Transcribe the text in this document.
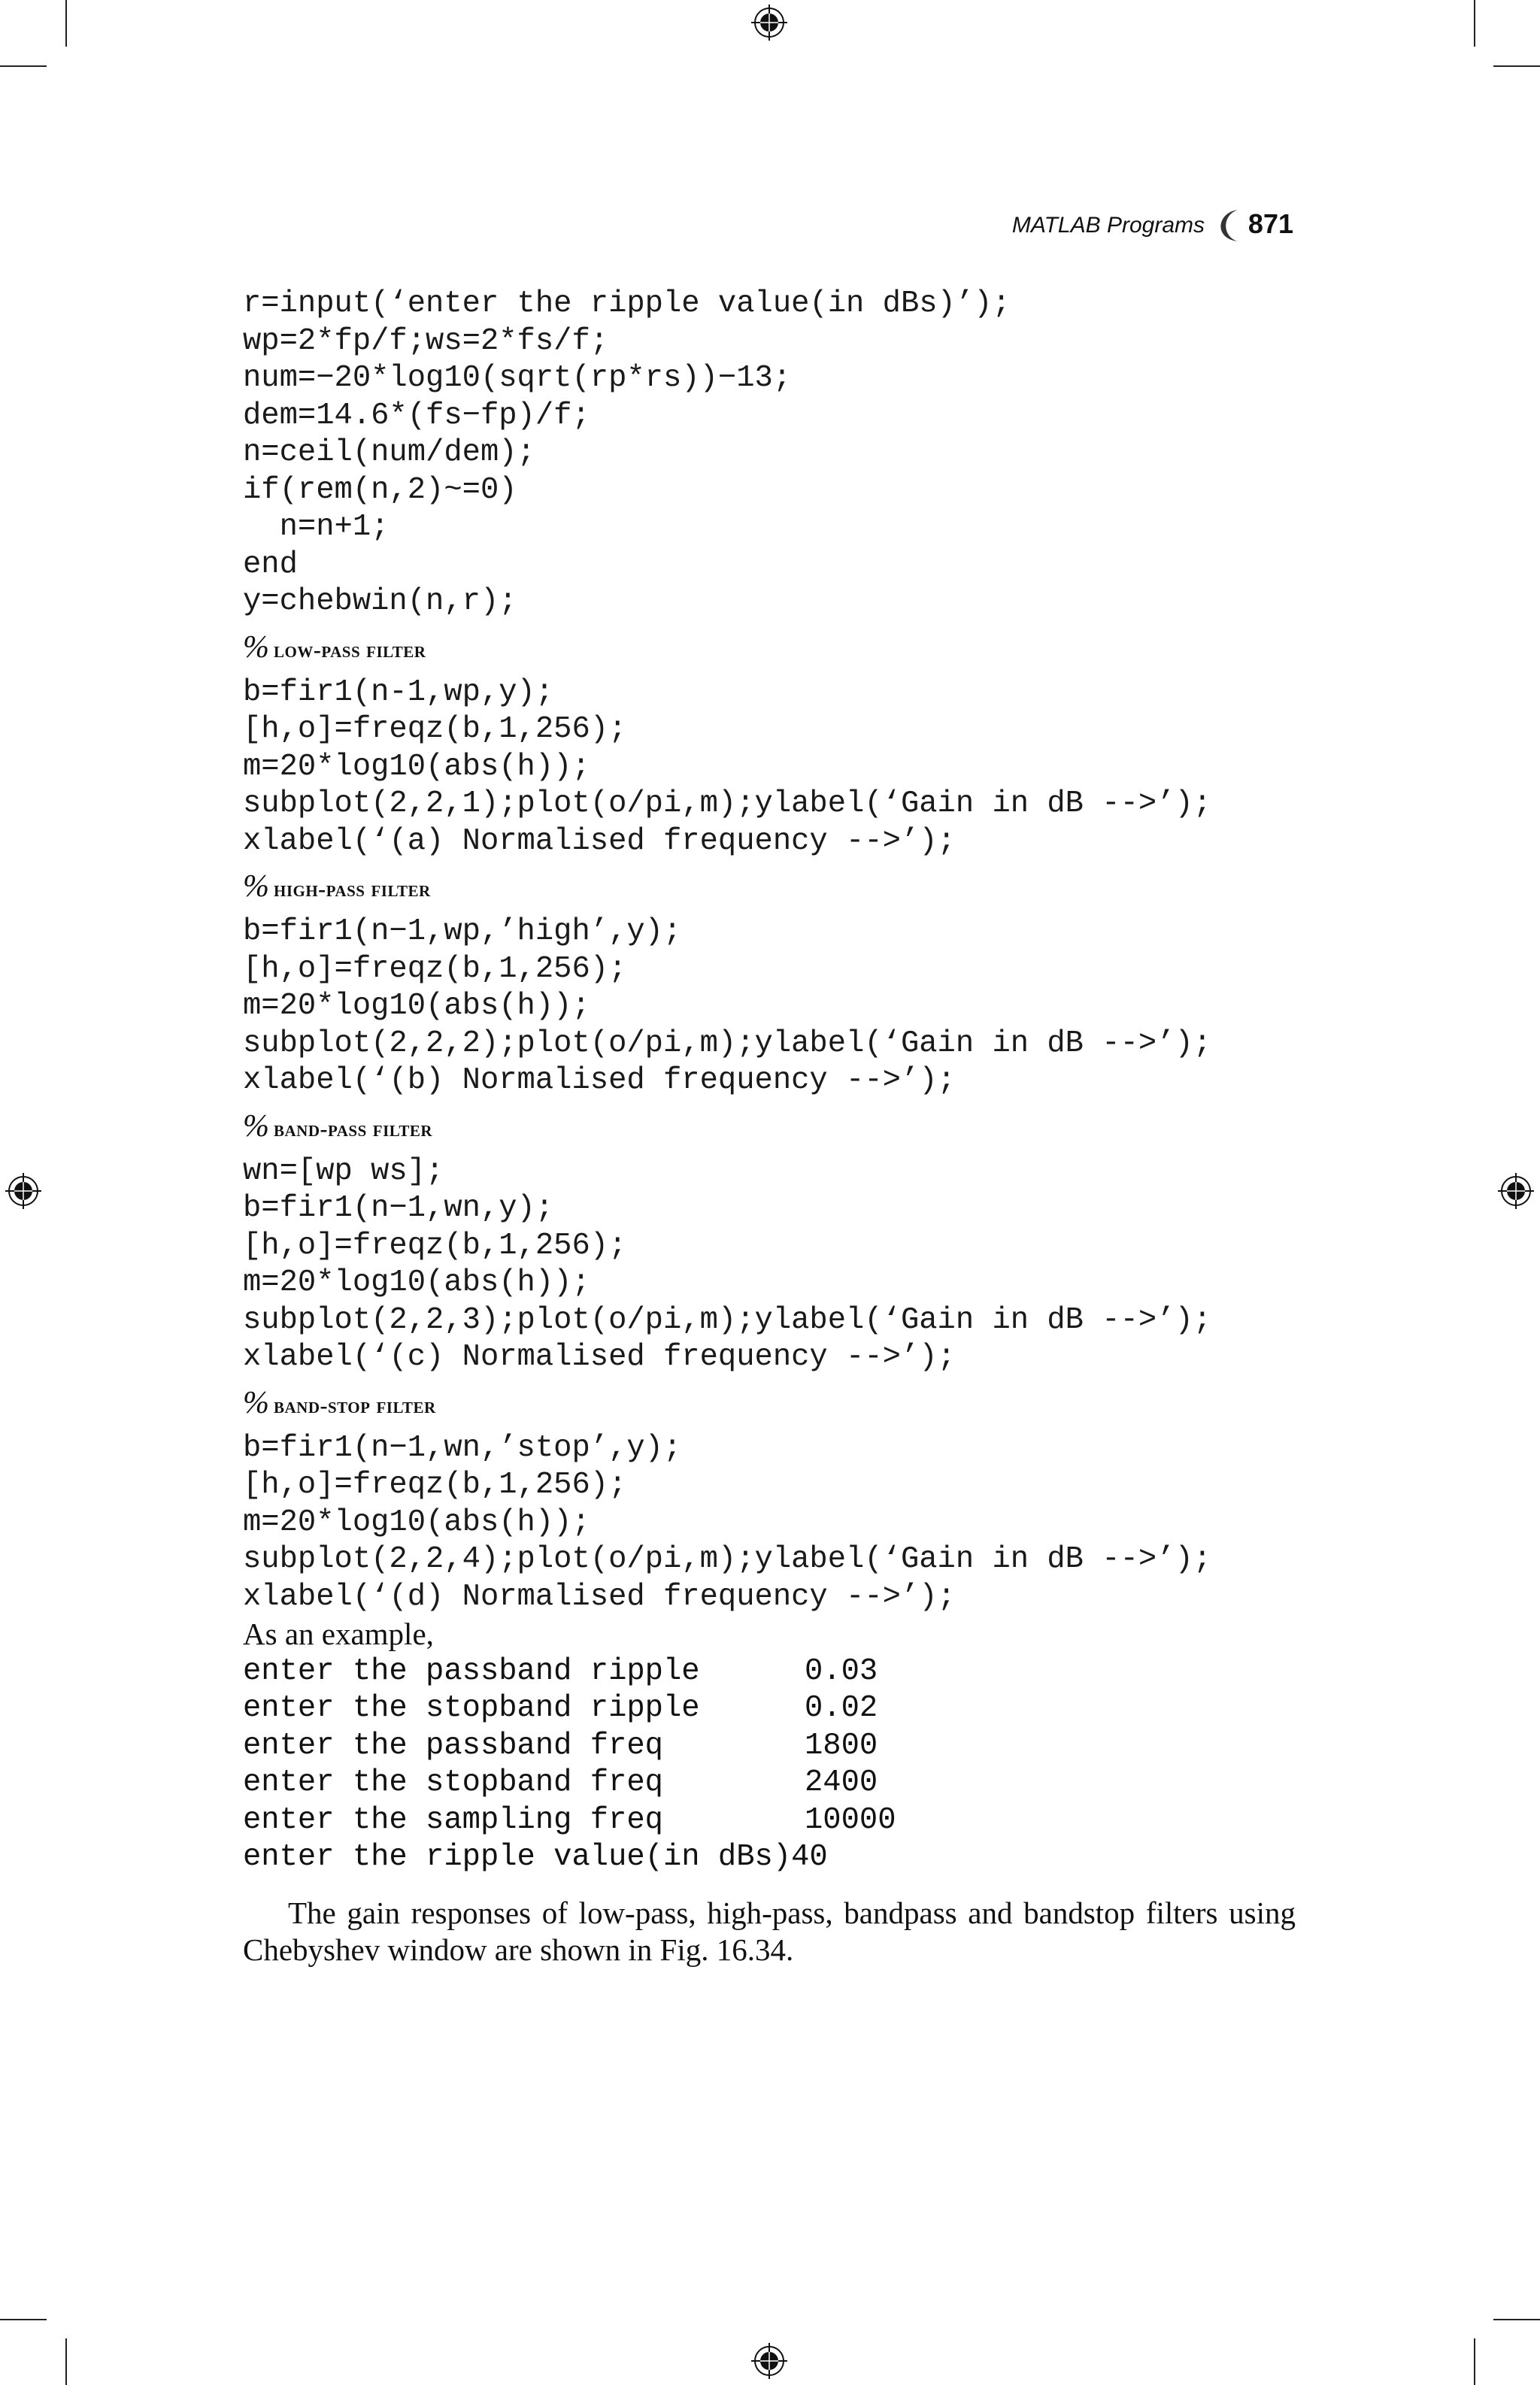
MATLAB Programs 871
r=input(‘enter the ripple value(in dBs)’);
wp=2*fp/f;ws=2*fs/f;
num=−20*log10(sqrt(rp*rs))−13;
dem=14.6*(fs−fp)/f;
n=ceil(num/dem);
if(rem(n,2)~=0)
n=n+1;
end
y=chebwin(n,r);
% low-pass filter
b=fir1(n-1,wp,y);
[h,o]=freqz(b,1,256);
m=20*log10(abs(h));
subplot(2,2,1);plot(o/pi,m);ylabel(‘Gain in dB -->’);
xlabel(‘(a) Normalised frequency -->’);
% high-pass filter
b=fir1(n−1,wp,’high’,y);
[h,o]=freqz(b,1,256);
m=20*log10(abs(h));
subplot(2,2,2);plot(o/pi,m);ylabel(‘Gain in dB -->’);
xlabel(‘(b) Normalised frequency -->’);
% band-pass filter
wn=[wp ws];
b=fir1(n−1,wn,y);
[h,o]=freqz(b,1,256);
m=20*log10(abs(h));
subplot(2,2,3);plot(o/pi,m);ylabel(‘Gain in dB -->’);
xlabel(‘(c) Normalised frequency -->’);
% band-stop filter
b=fir1(n−1,wn,’stop’,y);
[h,o]=freqz(b,1,256);
m=20*log10(abs(h));
subplot(2,2,4);plot(o/pi,m);ylabel(‘Gain in dB -->’);
xlabel(‘(d) Normalised frequency -->’);
As an example,
enter the passband ripple	0.03
enter the stopband ripple	0.02
enter the passband freq	1800
enter the stopband freq	2400
enter the sampling freq	10000
enter the ripple value(in dBs) 40

The gain responses of low-pass, high-pass, bandpass and bandstop filters using Chebyshev window are shown in Fig. 16.34.
